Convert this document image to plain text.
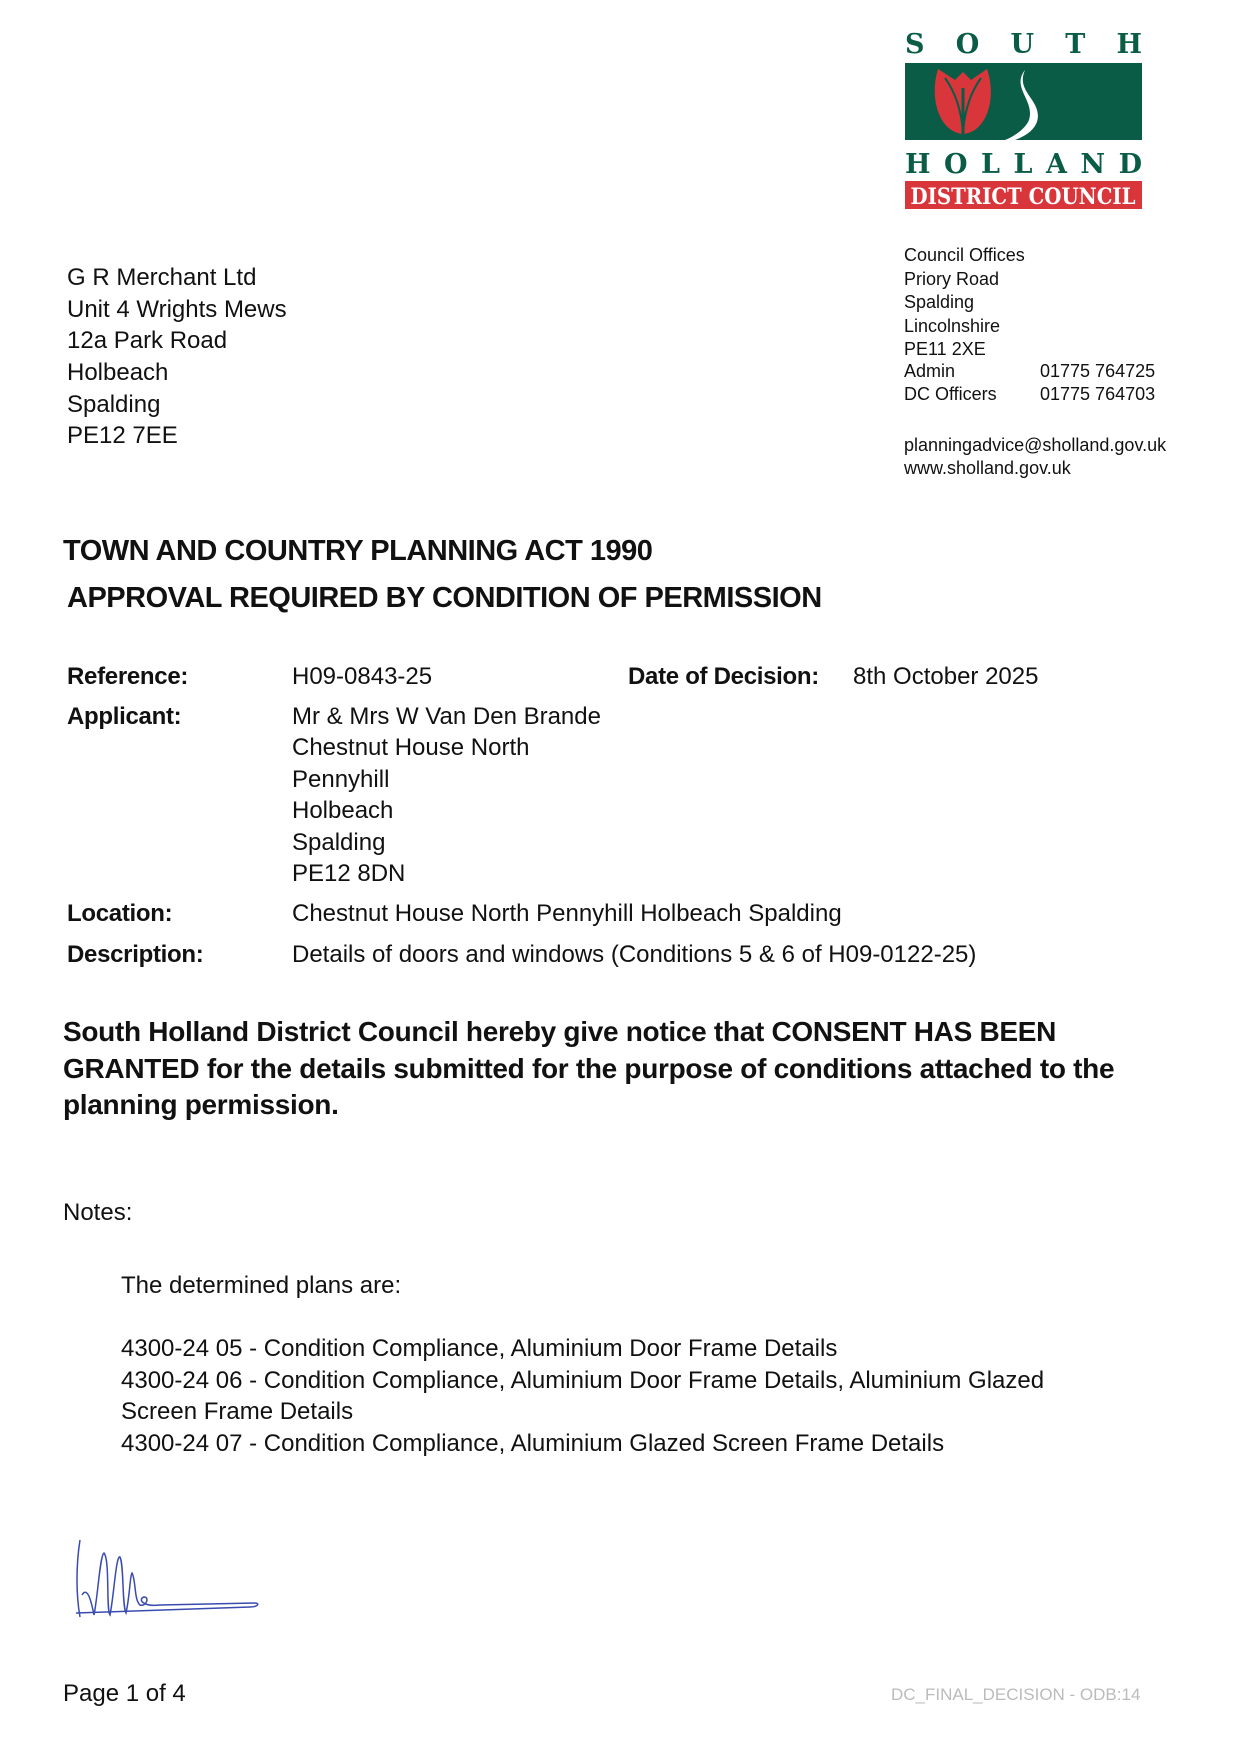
SOUTH
HOLLAND
DISTRICT COUNCIL
G R Merchant Ltd
Unit 4 Wrights Mews
12a Park Road
Holbeach
Spalding
PE12 7EE
Council Offices
Priory Road
Spalding
Lincolnshire
PE11 2XE
Admin	01775 764725
DC Officers 01775 764703
planningadvice@sholland.gov.uk
www.sholland.gov.uk
TOWN AND COUNTRY PLANNING ACT 1990
APPROVAL REQUIRED BY CONDITION OF PERMISSION
Reference:	H09-0843-25	Date of Decision: 8th October 2025
Applicant:	Mr & Mrs W Van Den Brande
Chestnut House North
Pennyhill
Holbeach
Spalding
PE12 8DN
Location:	Chestnut House North Pennyhill Holbeach Spalding
Description:	Details of doors and windows (Conditions 5 & 6 of H09-0122-25)
South Holland District Council hereby give notice that CONSENT HAS BEEN GRANTED for the details submitted for the purpose of conditions attached to the planning permission.
Notes:
The determined plans are:
4300-24 05 - Condition Compliance, Aluminium Door Frame Details
4300-24 06 - Condition Compliance, Aluminium Door Frame Details, Aluminium Glazed
Screen Frame Details
4300-24 07 - Condition Compliance, Aluminium Glazed Screen Frame Details
Page 1 of 4	DC_FINAL_DECISION - ODB:14
